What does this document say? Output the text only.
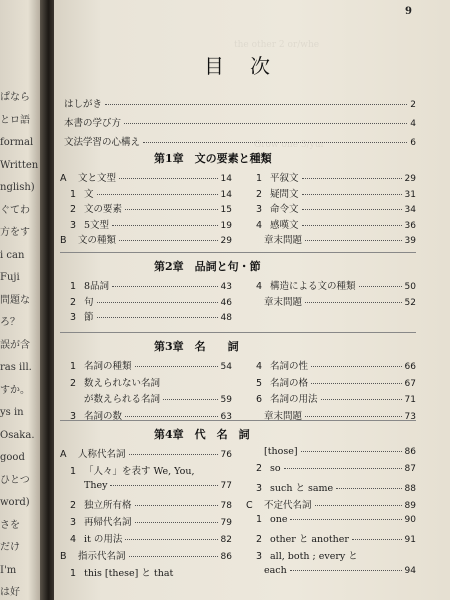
ぱなら
とロ語
formal
Written
nglish)
ぐてわ
方をす
i can
Fuji
問題な
ろ？
誤が含
ras ill.
すか。
ys in
Osaka.
good
ひとつ
word)
さを
だけ
I'm
は好
the other 2 or/whe
Grow one 3/yur
9
目次
はしがき	2
本書の学び方	4
文法学習の心構え	6
第1章　文の要素と種類
A 文と文型	14
1 文	14
2 文の要素	15
3 5文型	19
B 文の種類	29
1 平叙文	29
2 疑問文	31
3 命令文	34
4 感嘆文	36
章末問題	39
第2章　品詞と句・節
1 8品詞	43
2 句	46
3 節	48
4 構造による文の種類	50
章末問題	52
第3章　名　　詞
1 名詞の種類	54
2 数えられない名詞
が数えられる名詞	59
3 名詞の数	63
4 名詞の性	66
5 名詞の格	67
6 名詞の用法	71
章末問題	73
第4章　代　名　詞
A 人称代名詞	76
1 「人々」を表す We, You,
They	77
2 独立所有格	78
3 再帰代名詞	79
4 it の用法	82
B 指示代名詞	86
1 this [these] と that
[those]	86
2 so	87
3 such と same	88
C 不定代名詞	89
1 one	90
2 other と another	91
3 all, both ; every と
each	94
